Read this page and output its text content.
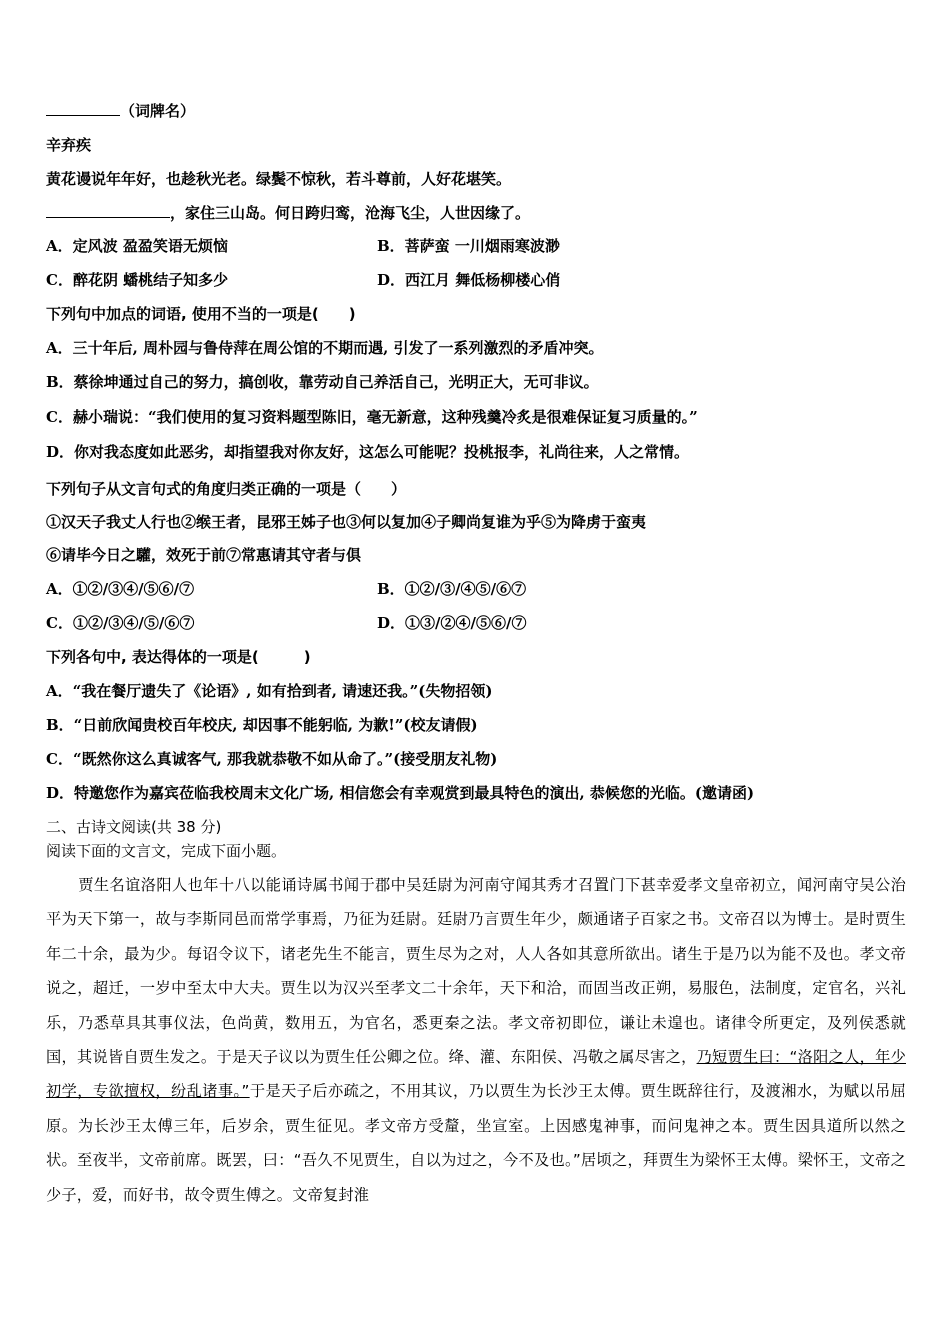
（词牌名）
辛弃疾
黄花谩说年年好，也趁秋光老。绿鬓不惊秋，若斗尊前，人好花堪笑。
，家住三山岛。何日跨归鸾，沧海飞尘，人世因缘了。
A．定风波 盈盈笑语无烦恼	B．菩萨蛮 一川烟雨寒波渺
C．醉花阴 蟠桃结子知多少	D．西江月 舞低杨柳楼心俏
下列句中加点的词语, 使用不当的一项是(　　)
A．三十年后, 周朴园与鲁侍萍在周公馆的不期而遇, 引发了一系列激烈的矛盾冲突。
B．蔡徐坤通过自己的努力，搞创收，靠劳动自己养活自己，光明正大，无可非议。
C．赫小瑞说：“我们使用的复习资料题型陈旧，毫无新意，这种残羹冷炙是很难保证复习质量的。”
D．你对我态度如此恶劣，却指望我对你友好，这怎么可能呢？投桃报李，礼尚往来，人之常情。
下列句子从文言句式的角度归类正确的一项是（　　）
①汉天子我丈人行也②缑王者，昆邪王姊子也③何以复加④子卿尚复谁为乎⑤为降虏于蛮夷
⑥请毕今日之驩，效死于前⑦常惠请其守者与俱
A．①②/③④/⑤⑥/⑦	B．①②/③/④⑤/⑥⑦
C．①②/③④/⑤/⑥⑦	D．①③/②④/⑤⑥/⑦
下列各句中, 表达得体的一项是(　　　)
A．“我在餐厅遗失了《论语》, 如有拾到者, 请速还我。”(失物招领)
B．“日前欣闻贵校百年校庆, 却因事不能躬临, 为歉!”(校友请假)
C．“既然你这么真诚客气, 那我就恭敬不如从命了。”(接受朋友礼物)
D．特邀您作为嘉宾莅临我校周末文化广场, 相信您会有幸观赏到最具特色的演出, 恭候您的光临。(邀请函)
二、古诗文阅读(共 38 分)
阅读下面的文言文，完成下面小题。
贾生名谊洛阳人也年十八以能诵诗属书闻于郡中吴廷尉为河南守闻其秀才召置门下甚幸爱孝文皇帝初立，闻河南守吴公治平为天下第一，故与李斯同邑而常学事焉，乃征为廷尉。廷尉乃言贾生年少，颇通诸子百家之书。文帝召以为博士。是时贾生年二十余，最为少。每诏令议下，诸老先生不能言，贾生尽为之对，人人各如其意所欲出。诸生于是乃以为能不及也。孝文帝说之，超迁，一岁中至太中大夫。贾生以为汉兴至孝文二十余年，天下和洽，而固当改正朔，易服色，法制度，定官名，兴礼乐，乃悉草具其事仪法，色尚黄，数用五，为官名，悉更秦之法。孝文帝初即位，谦让未遑也。诸律令所更定，及列侯悉就国，其说皆自贾生发之。于是天子议以为贾生任公卿之位。绛、灌、东阳侯、冯敬之属尽害之，乃短贾生曰：“洛阳之人，年少初学，专欲擅权，纷乱诸事。”于是天子后亦疏之，不用其议，乃以贾生为长沙王太傅。贾生既辞往行，及渡湘水，为赋以吊屈原。为长沙王太傅三年，后岁余，贾生征见。孝文帝方受釐，坐宣室。上因感鬼神事，而问鬼神之本。贾生因具道所以然之状。至夜半，文帝前席。既罢，曰：“吾久不见贾生，自以为过之，今不及也。”居顷之，拜贾生为梁怀王太傅。梁怀王，文帝之少子，爱，而好书，故令贾生傅之。文帝复封淮
